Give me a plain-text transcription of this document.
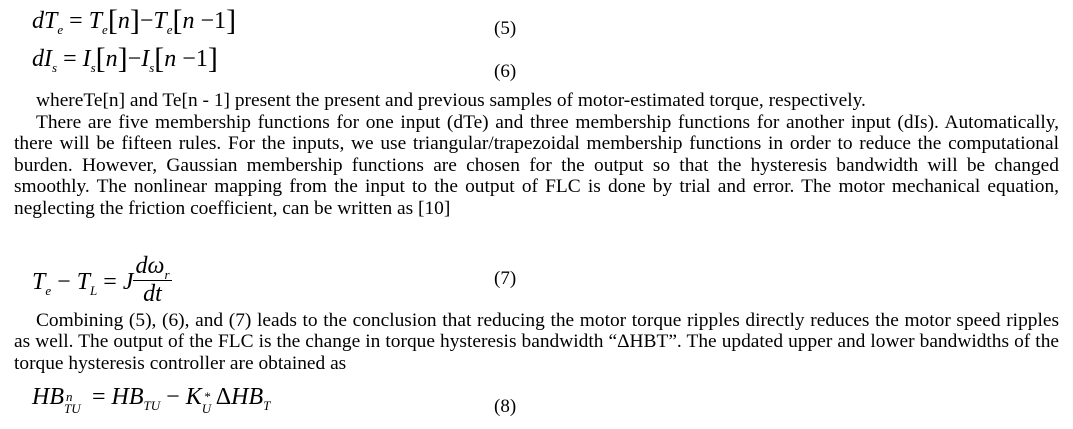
$dT_e = T_e[n]-T_e[n -1]$	(5)
$dI_s = I_s[n]-I_s[n -1]$	(6)
whereTe[n] and Te[n - 1] present the present and previous samples of motor-estimated torque, respectively.
There are five membership functions for one input (dTe) and three membership functions for another input (dIs). Automatically, there will be fifteen rules. For the inputs, we use triangular/trapezoidal membership functions in order to reduce the computational burden. However, Gaussian membership functions are chosen for the output so that the hysteresis bandwidth will be changed smoothly. The nonlinear mapping from the input to the output of FLC is done by trial and error. The motor mechanical equation, neglecting the friction coefficient, can be written as [10]
$T_e - T_L = J \frac{d\omega_r}{dt}$	(7)
Combining (5), (6), and (7) leads to the conclusion that reducing the motor torque ripples directly reduces the motor speed ripples as well. The output of the FLC is the change in torque hysteresis bandwidth “ΔHBT”. The updated upper and lower bandwidths of the torque hysteresis controller are obtained as
HB n
TU = $HB_{TU} - K$ *
U $\Delta HB_T$	(8)
